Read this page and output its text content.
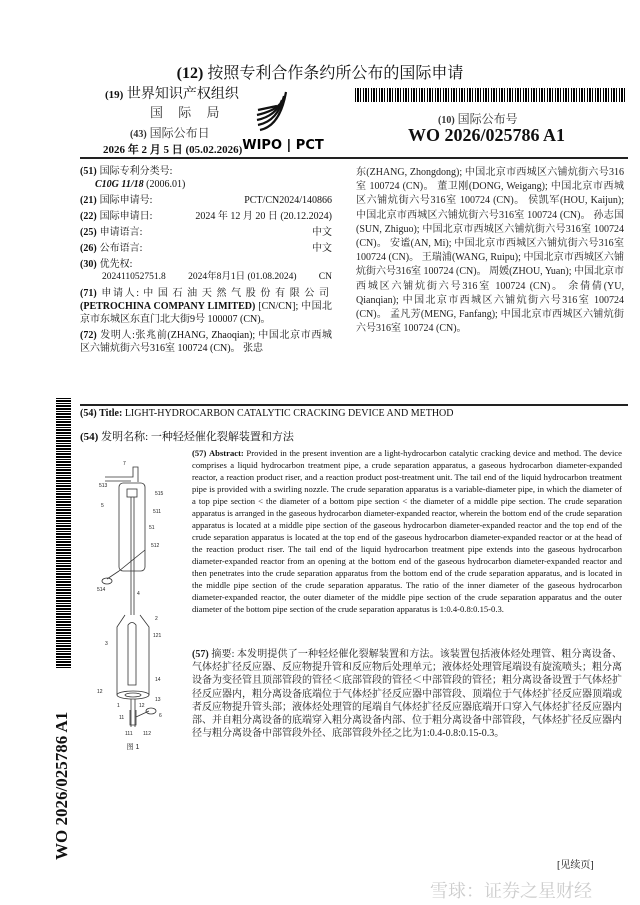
(12) 按照专利合作条约所公布的国际申请
(19) 世界知识产权组织
国 际 局
(43) 国际公布日
2026 年 2 月 5 日 (05.02.2026) WIPO | PCT
(10) 国际公布号
WO 2026/025786 A1
(51) 国际专利分类号:
C10G 11/18 (2006.01)
(21) 国际申请号:	PCT/CN2024/140866
(22) 国际申请日:	2024 年 12 月 20 日 (20.12.2024)
(25) 申请语言:	中文
(26) 公布语言:	中文
(30) 优先权:
202411052751.8 2024年8月1日 (01.08.2024) CN
(71) 申请人: 中国石油天然气股份有限公司 (PETROCHINA COMPANY LIMITED) [CN/CN]; 中国北京市东城区东直门北大街9号 100007 (CN)。
(72) 发明人:张兆前(ZHANG, Zhaoqian); 中国北京市西城区六铺炕街六号316室 100724 (CN)。 张忠
东(ZHANG, Zhongdong); 中国北京市西城区六铺炕街六号316室 100724 (CN)。 董卫刚(DONG, Weigang); 中国北京市西城区六铺炕街六号316室 100724 (CN)。 侯凯军(HOU, Kaijun); 中国北京市西城区六铺炕街六号316室 100724 (CN)。 孙志国(SUN, Zhiguo); 中国北京市西城区六铺炕街六号316室 100724 (CN)。 安谧(AN, Mi); 中国北京市西城区六铺炕街六号316室 100724 (CN)。 王瑞浦(WANG, Ruipu); 中国北京市西城区六铺炕街六号316室 100724 (CN)。 周媛(ZHOU, Yuan); 中国北京市西城区六铺炕街六号316室 100724 (CN)。 余倩倩(YU, Qianqian); 中国北京市西城区六铺炕街六号316室 100724 (CN)。 孟凡芳(MENG, Fanfang); 中国北京市西城区六铺炕街六号316室 100724 (CN)。
(54) Title: LIGHT-HYDROCARBON CATALYTIC CRACKING DEVICE AND METHOD
(54) 发明名称: 一种轻烃催化裂解装置和方法
(57) Abstract: Provided in the present invention are a light-hydrocarbon catalytic cracking device and method. The device comprises a liquid hydrocarbon treatment pipe, a crude separation apparatus, a gaseous hydrocarbon diameter-expanded reactor, a reaction product riser, and a reaction product post-treatment unit. The tail end of the liquid hydrocarbon treatment pipe is provided with a swirling nozzle. The crude separation apparatus is a variable-diameter pipe, in which the diameter of a top pipe section < the diameter of a bottom pipe section < the diameter of a middle pipe section. The crude separation apparatus is arranged in the gaseous hydrocarbon diameter-expanded reactor, wherein the bottom end of the crude separation apparatus is located at a middle pipe section of the gaseous hydrocarbon diameter-expanded reactor and the top end of the crude separation apparatus is located at the top end of the gaseous hydrocarbon diameter-expanded reactor or at the head of the reaction product riser. The tail end of the liquid hydrocarbon treatment pipe extends into the gaseous hydrocarbon diameter-expanded reactor from an opening at the bottom end of the gaseous hydrocarbon diameter-expanded reactor and then penetrates into the crude separation apparatus from the bottom end of the crude separation apparatus, and is located in the middle pipe section of the crude separation apparatus. The ratio of the inner diameter of the gaseous hydrocarbon diameter-expanded reactor, the outer diameter of the middle pipe section of the crude separation apparatus and the outer diameter of the bottom pipe section of the crude separation apparatus is 1:0.4-0.8:0.15-0.3.
(57) 摘要: 本发明提供了一种轻烃催化裂解装置和方法。该装置包括液体烃处理管、粗分离设备、气体烃扩径反应器、反应物提升管和反应物后处理单元；液体烃处理管尾端设有旋流喷头；粗分离设备为变径管且顶部管段的管径＜底部管段的管径＜中部管段的管径；粗分离设备设置于气体烃扩径反应器内，粗分离设备底端位于气体烃扩径反应器中部管段、顶端位于气体烃扩径反应器顶端或者反应物提升管头部；液体烃处理管的尾端自气体烃扩径反应器底端开口穿入气体烃扩径反应器内部、并自粗分离设备的底端穿入粗分离设备内部、位于粗分离设备中部管段，气体烃扩径反应器内径与粗分离设备中部管段外径、底部管段外径之比为1:0.4-0.8:0.15-0.3。
7
513
5
515
511
51
512
514
4
2
121
3
14
12
13
12
1
11	6
111 112
图 1
WO 2026/025786 A1
雪球：证券之星财经
[见续页]
